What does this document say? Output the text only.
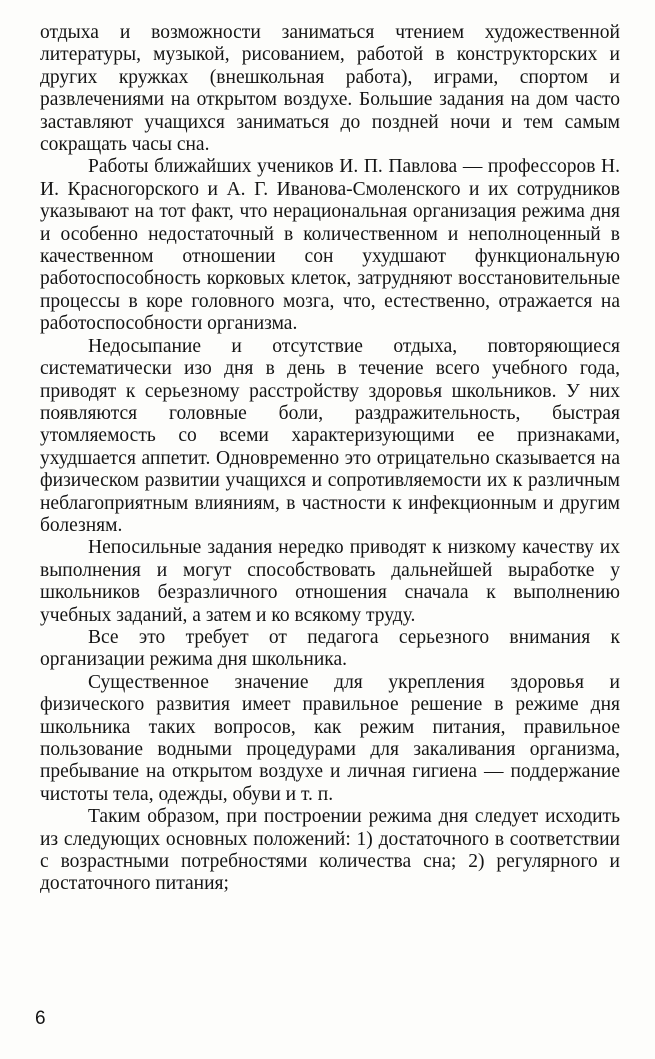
отдыха и возможности заниматься чтением художественной литературы, музыкой, рисованием, работой в конструкторских и других кружках (внешкольная работа), играми, спортом и развлечениями на открытом воздухе. Большие задания на дом часто заставляют учащихся заниматься до поздней ночи и тем самым сокращать часы сна.

Работы ближайших учеников И. П. Павлова — профессоров Н. И. Красногорского и А. Г. Иванова-Смоленского и их сотрудников указывают на тот факт, что нерациональная организация режима дня и особенно недостаточный в количественном и неполноценный в качественном отношении сон ухудшают функциональную работоспособность корковых клеток, затрудняют восстановительные процессы в коре головного мозга, что, естественно, отражается на работоспособности организма.

Недосыпание и отсутствие отдыха, повторяющиеся систематически изо дня в день в течение всего учебного года, приводят к серьезному расстройству здоровья школьников. У них появляются головные боли, раздражительность, быстрая утомляемость со всеми характеризующими ее признаками, ухудшается аппетит. Одновременно это отрицательно сказывается на физическом развитии учащихся и сопротивляемости их к различным неблагоприятным влияниям, в частности к инфекционным и другим болезням.

Непосильные задания нередко приводят к низкому качеству их выполнения и могут способствовать дальнейшей выработке у школьников безразличного отношения сначала к выполнению учебных заданий, а затем и ко всякому труду.

Все это требует от педагога серьезного внимания к организации режима дня школьника.

Существенное значение для укрепления здоровья и физического развития имеет правильное решение в режиме дня школьника таких вопросов, как режим питания, правильное пользование водными процедурами для закаливания организма, пребывание на открытом воздухе и личная гигиена — поддержание чистоты тела, одежды, обуви и т. п.

Таким образом, при построении режима дня следует исходить из следующих основных положений: 1) достаточного в соответствии с возрастными потребностями количества сна; 2) регулярного и достаточного питания;

6
